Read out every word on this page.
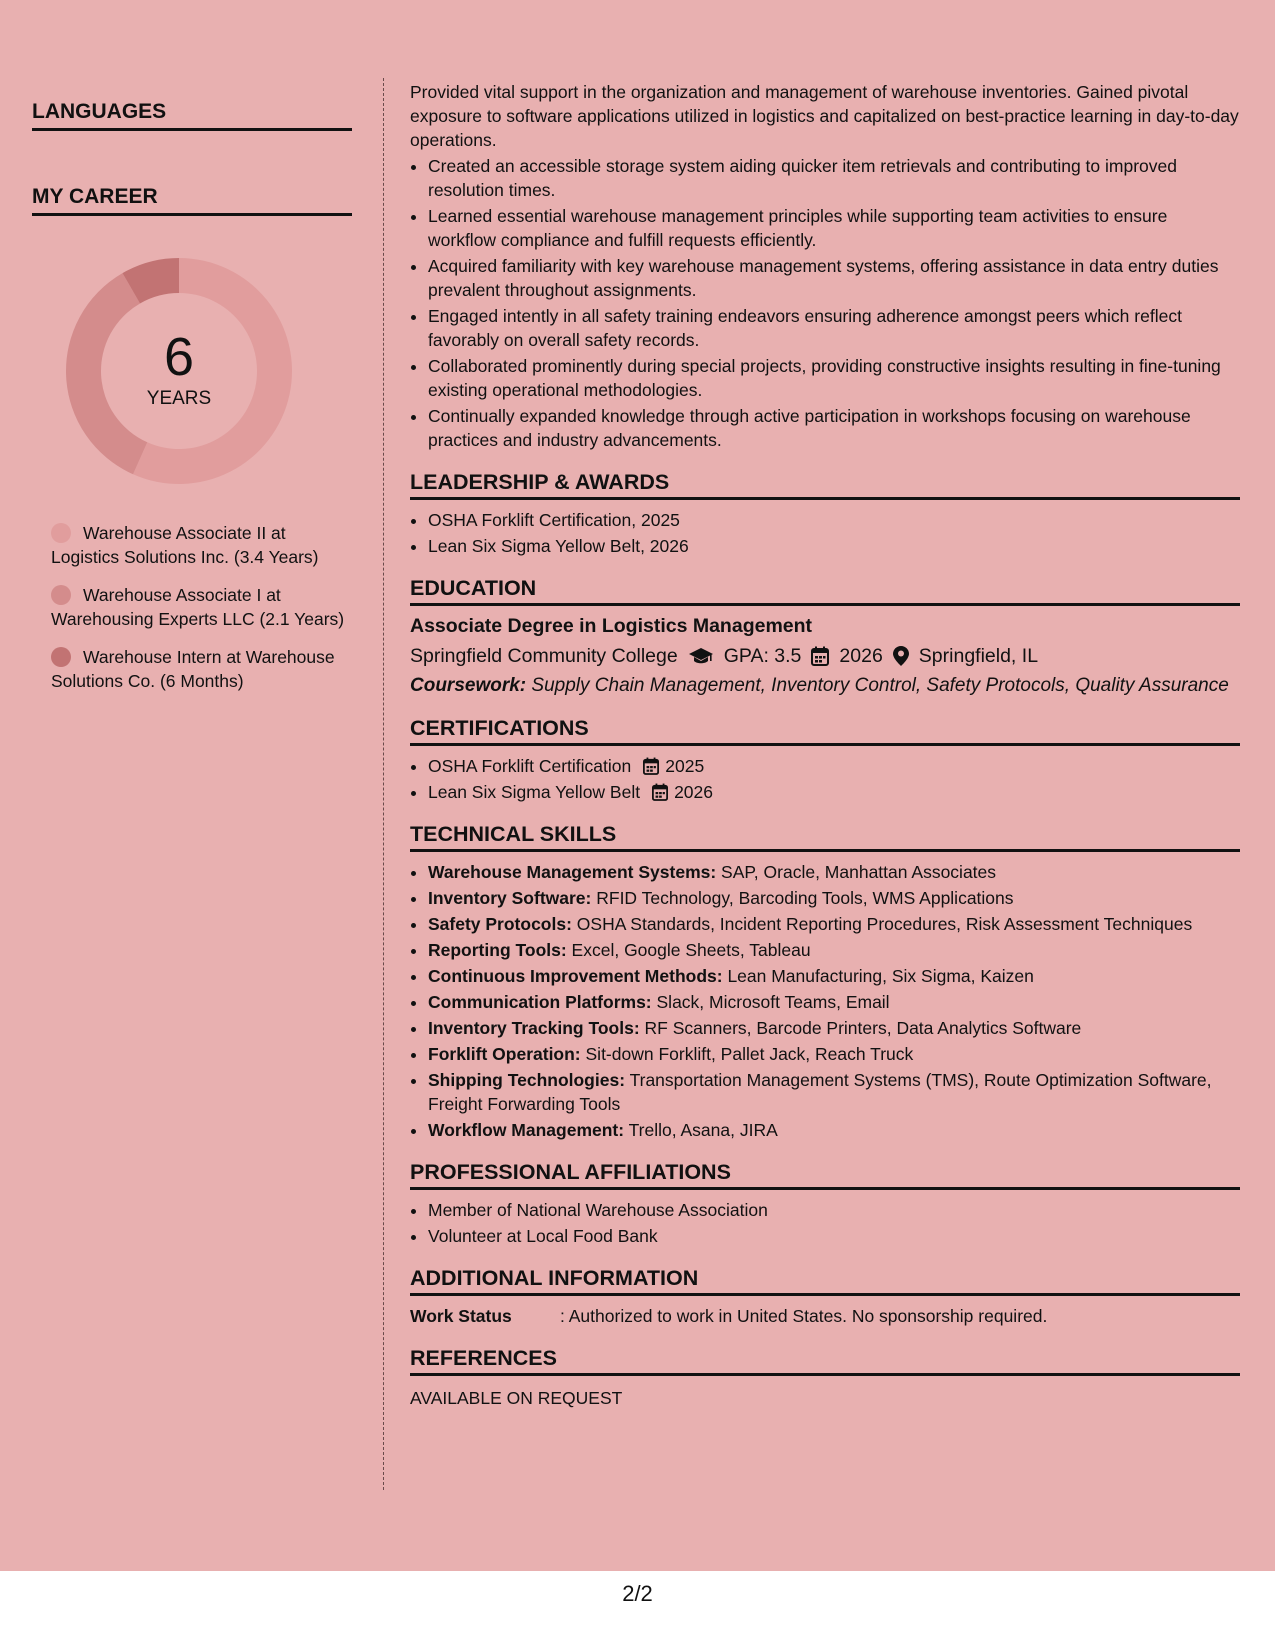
LANGUAGES
MY CAREER
6
YEARS
Warehouse Associate II at Logistics Solutions Inc. (3.4 Years)
Warehouse Associate I at Warehousing Experts LLC (2.1 Years)
Warehouse Intern at Warehouse Solutions Co. (6 Months)

Provided vital support in the organization and management of warehouse inventories. Gained pivotal exposure to software applications utilized in logistics and capitalized on best-practice learning in day-to-day operations.

• Created an accessible storage system aiding quicker item retrievals and contributing to improved resolution times.
• Learned essential warehouse management principles while supporting team activities to ensure workflow compliance and fulfill requests efficiently.
• Acquired familiarity with key warehouse management systems, offering assistance in data entry duties prevalent throughout assignments.
• Engaged intently in all safety training endeavors ensuring adherence amongst peers which reflect favorably on overall safety records.
• Collaborated prominently during special projects, providing constructive insights resulting in fine-tuning existing operational methodologies.
• Continually expanded knowledge through active participation in workshops focusing on warehouse practices and industry advancements.
LEADERSHIP & AWARDS
• OSHA Forklift Certification, 2025
• Lean Six Sigma Yellow Belt, 2026
EDUCATION
Associate Degree in Logistics Management
Springfield Community College GPA: 3.5 2026 Springfield, IL
Coursework: Supply Chain Management, Inventory Control, Safety Protocols, Quality Assurance
CERTIFICATIONS
• OSHA Forklift Certification 2025
• Lean Six Sigma Yellow Belt 2026
TECHNICAL SKILLS
• Warehouse Management Systems: SAP, Oracle, Manhattan Associates
• Inventory Software: RFID Technology, Barcoding Tools, WMS Applications
• Safety Protocols: OSHA Standards, Incident Reporting Procedures, Risk Assessment Techniques
• Reporting Tools: Excel, Google Sheets, Tableau
• Continuous Improvement Methods: Lean Manufacturing, Six Sigma, Kaizen
• Communication Platforms: Slack, Microsoft Teams, Email
• Inventory Tracking Tools: RF Scanners, Barcode Printers, Data Analytics Software
• Forklift Operation: Sit-down Forklift, Pallet Jack, Reach Truck
• Shipping Technologies: Transportation Management Systems (TMS), Route Optimization Software, Freight Forwarding Tools
• Workflow Management: Trello, Asana, JIRA
PROFESSIONAL AFFILIATIONS
• Member of National Warehouse Association
• Volunteer at Local Food Bank
ADDITIONAL INFORMATION
Work Status	: Authorized to work in United States. No sponsorship required.
REFERENCES
AVAILABLE ON REQUEST
2/2
